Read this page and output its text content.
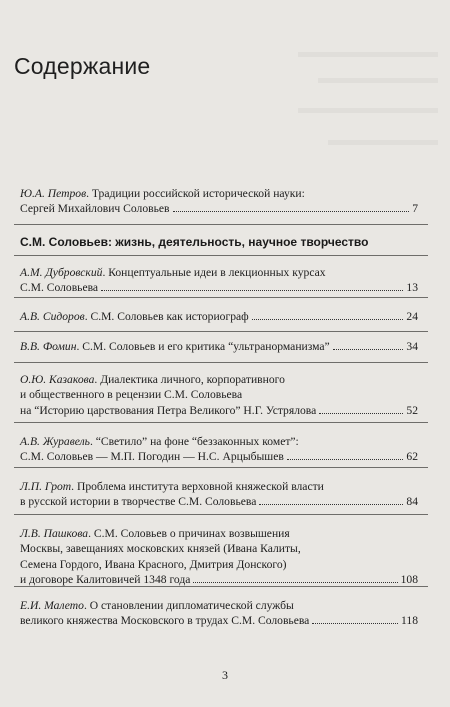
Содержание
Ю.А. Петров. Традиции российской исторической науки:
Сергей Михайлович Соловьев	7
С.М. Соловьев: жизнь, деятельность, научное творчество
А.М. Дубровский. Концептуальные идеи в лекционных курсах
С.М. Соловьева	13
А.В. Сидоров. С.М. Соловьев как историограф	24
В.В. Фомин. С.М. Соловьев и его критика “ультранорманизма”	34
О.Ю. Казакова. Диалектика личного, корпоративного
и общественного в рецензии С.М. Соловьева
на “Историю царствования Петра Великого” Н.Г. Устрялова	52
А.В. Журавель. “Светило” на фоне “беззаконных комет”:
С.М. Соловьев — М.П. Погодин — Н.С. Арцыбышев	62
Л.П. Грот. Проблема института верховной княжеской власти
в русской истории в творчестве С.М. Соловьева	84
Л.В. Пашкова. С.М. Соловьев о причинах возвышения
Москвы, завещаниях московских князей (Ивана Калиты,
Семена Гордого, Ивана Красного, Дмитрия Донского)
и договоре Калитовичей 1348 года	108
Е.И. Малето. О становлении дипломатической службы
великого княжества Московского в трудах С.М. Соловьева	118
3
